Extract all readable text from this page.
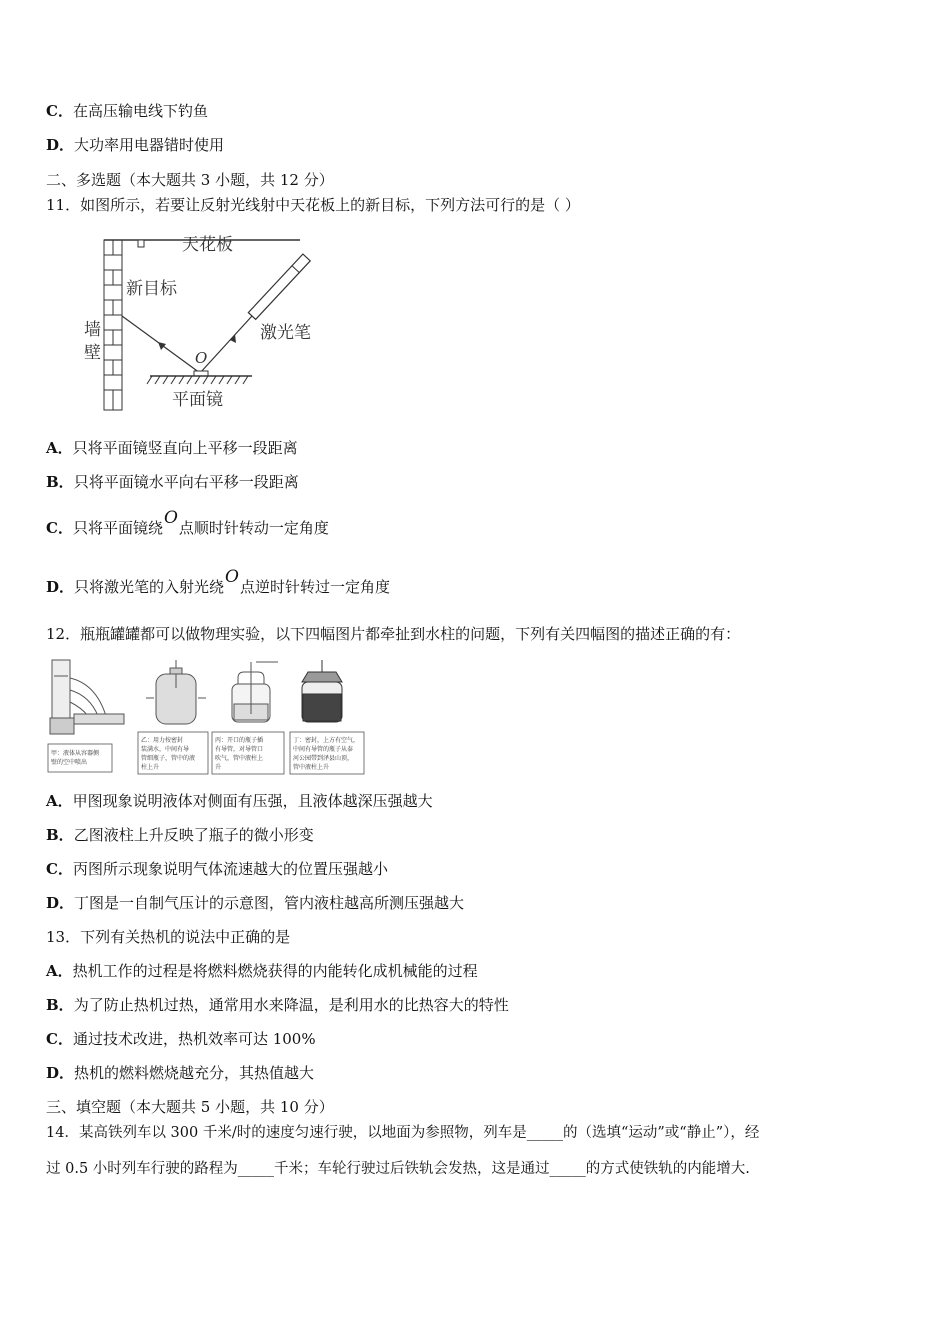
C．在高压输电线下钓鱼
D．大功率用电器错时使用
二、多选题（本大题共 3 小题，共 12 分）
11．如图所示，若要让反射光线射中天花板上的新目标，下列方法可行的是（ ）
天花板
墙
壁
新目标
激光笔
O
平面镜
A．只将平面镜竖直向上平移一段距离
B．只将平面镜水平向右平移一段距离
C．只将平面镜绕O点顺时针转动一定角度
D．只将激光笔的入射光绕O点逆时针转过一定角度
12．瓶瓶罐罐都可以做物理实验，以下四幅图片都牵扯到水柱的问题，下列有关四幅图的描述正确的有：
甲：液体从容器侧
壁的空中喷出
乙：用力按密封
装满水，中间有导
管细瓶子，管中的液
柱上升
丙：开口的瓶子插
有导管，对导管口
吹气，管中液柱上
升
丁：密封，上方有空气，
中间有导管的瓶子从泰
河公园带到泽县山顶，
管中液柱上升
A．甲图现象说明液体对侧面有压强，且液体越深压强越大
B．乙图液柱上升反映了瓶子的微小形变
C．丙图所示现象说明气体流速越大的位置压强越小
D．丁图是一自制气压计的示意图，管内液柱越高所测压强越大
13．下列有关热机的说法中正确的是
A．热机工作的过程是将燃料燃烧获得的内能转化成机械能的过程
B．为了防止热机过热，通常用水来降温，是利用水的比热容大的特性
C．通过技术改进，热机效率可达 100%
D．热机的燃料燃烧越充分，其热值越大
三、填空题（本大题共 5 小题，共 10 分）
14．某高铁列车以 300 千米/时的速度匀速行驶，以地面为参照物，列车是_____的（选填“运动”或“静止”），经
过 0.5 小时列车行驶的路程为_____千米；车轮行驶过后铁轨会发热，这是通过_____的方式使铁轨的内能增大.
